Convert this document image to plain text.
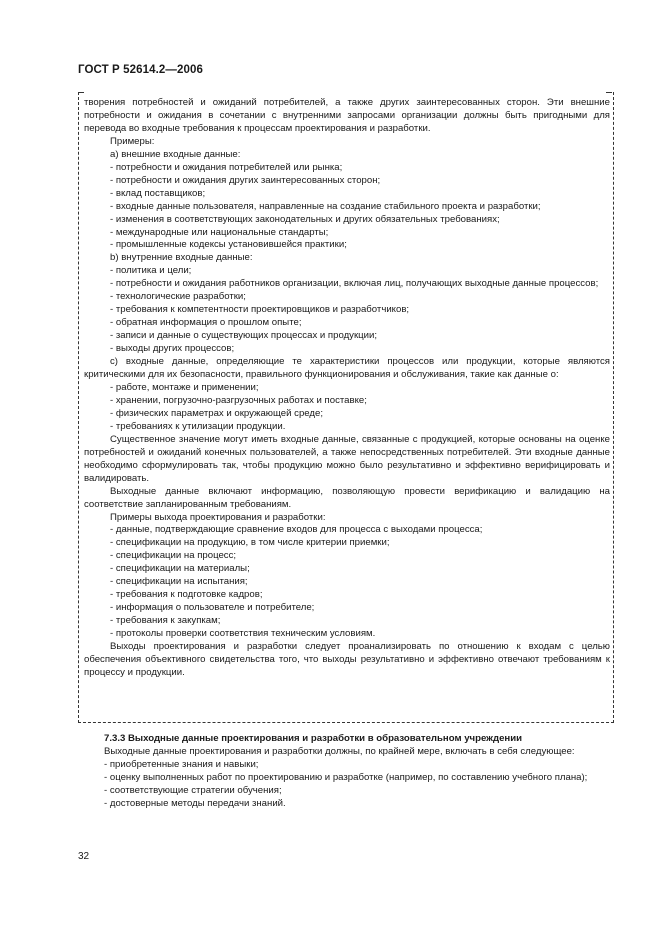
ГОСТ Р 52614.2—2006

творения потребностей и ожиданий потребителей, а также других заинтересованных сторон. Эти внешние потребности и ожидания в сочетании с внутренними запросами организации должны быть пригодными для перевода во входные требования к процессам проектирования и разработки.

Примеры:

а) внешние входные данные:

- потребности и ожидания потребителей или рынка;

- потребности и ожидания других заинтересованных сторон;

- вклад поставщиков;

- входные данные пользователя, направленные на создание стабильного проекта и разработки;

- изменения в соответствующих законодательных и других обязательных требованиях;

- международные или национальные стандарты;

- промышленные кодексы установившейся практики;

b) внутренние входные данные:

- политика и цели;

- потребности и ожидания работников организации, включая лиц, получающих выходные данные процессов;

- технологические разработки;

- требования к компетентности проектировщиков и разработчиков;

- обратная информация о прошлом опыте;

- записи и данные о существующих процессах и продукции;

- выходы других процессов;

c) входные данные, определяющие те характеристики процессов или продукции, которые являются критическими для их безопасности, правильного функционирования и обслуживания, такие как данные о:

- работе, монтаже и применении;

- хранении, погрузочно-разгрузочных работах и поставке;

- физических параметрах и окружающей среде;

- требованиях к утилизации продукции.

Существенное значение могут иметь входные данные, связанные с продукцией, которые основаны на оценке потребностей и ожиданий конечных пользователей, а также непосредственных потребителей. Эти входные данные необходимо сформулировать так, чтобы продукцию можно было результативно и эффективно верифицировать и валидировать.

Выходные данные включают информацию, позволяющую провести верификацию и валидацию на соответствие запланированным требованиям.

Примеры выхода проектирования и разработки:

- данные, подтверждающие сравнение входов для процесса с выходами процесса;

- спецификации на продукцию, в том числе критерии приемки;

- спецификации на процесс;

- спецификации на материалы;

- спецификации на испытания;

- требования к подготовке кадров;

- информация о пользователе и потребителе;

- требования к закупкам;

- протоколы проверки соответствия техническим условиям.

Выходы проектирования и разработки следует проанализировать по отношению к входам с целью обеспечения объективного свидетельства того, что выходы результативно и эффективно отвечают требованиям к процессу и продукции.

7.3.3 Выходные данные проектирования и разработки в образовательном учреждении

Выходные данные проектирования и разработки должны, по крайней мере, включать в себя следующее:

- приобретенные знания и навыки;

- оценку выполненных работ по проектированию и разработке (например, по составлению учебного плана);

- соответствующие стратегии обучения;

- достоверные методы передачи знаний.

32
